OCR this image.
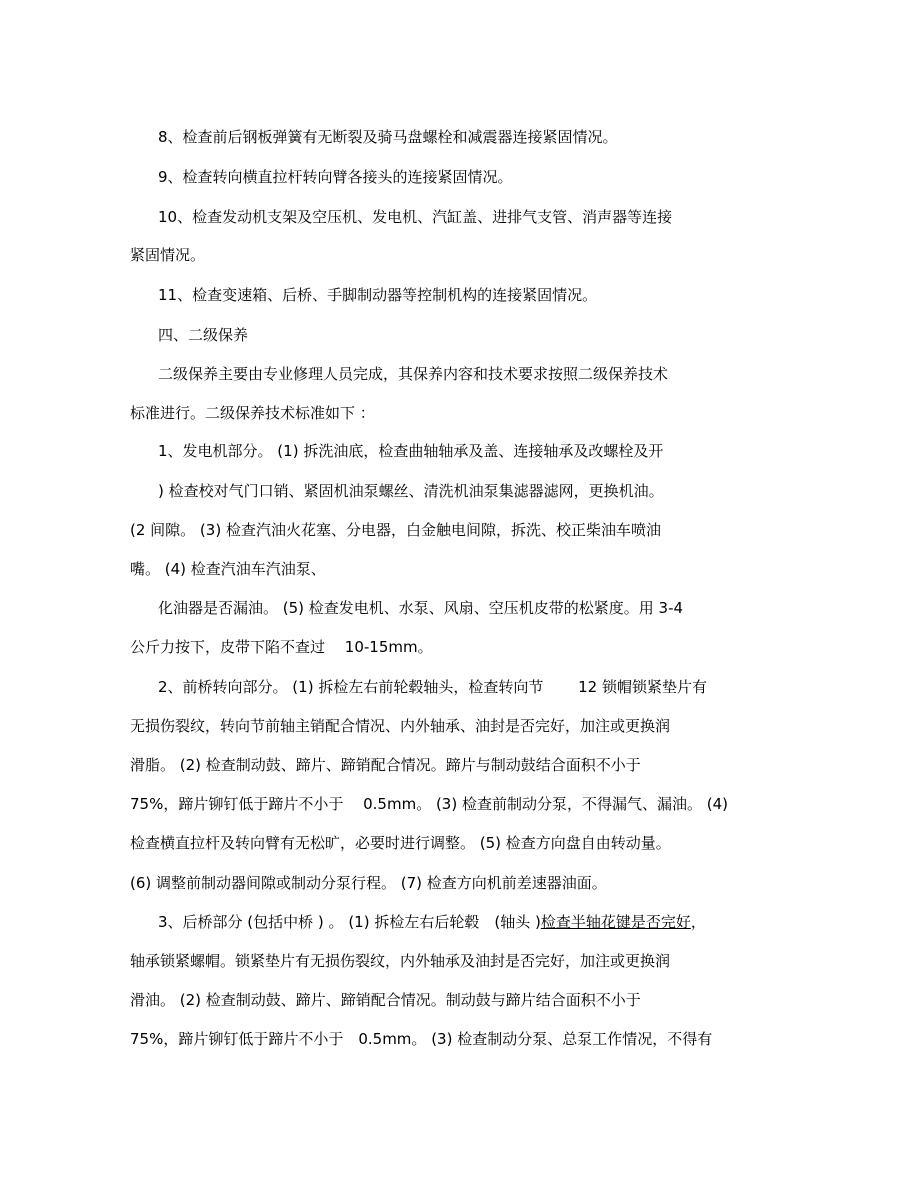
8、检查前后钢板弹簧有无断裂及骑马盘螺栓和减震器连接紧固情况。
9、检查转向横直拉杆转向臂各接头的连接紧固情况。
10、检查发动机支架及空压机、发电机、汽缸盖、进排气支管、消声器等连接
紧固情况。
11、检查变速箱、后桥、手脚制动器等控制机构的连接紧固情况。
四、二级保养
二级保养主要由专业修理人员完成，其保养内容和技术要求按照二级保养技术
标准进行。二级保养技术标准如下 ：
1、发电机部分。 (1) 拆洗油底，检查曲轴轴承及盖、连接轴承及改螺栓及开
) 检查校对气门口销、紧固机油泵螺丝、清洗机油泵集滤器滤网，更换机油。
(2 间隙。 (3) 检查汽油火花塞、分电器，白金触电间隙，拆洗、校正柴油车喷油
嘴。 (4) 检查汽油车汽油泵、
化油器是否漏油。 (5) 检查发电机、水泵、风扇、空压机皮带的松紧度。用 3-4
公斤力按下，皮带下陷不查过　 10-15mm。
2、前桥转向部分。 (1) 拆检左右前轮毂轴头，检查转向节　　 12 锁帽锁紧垫片有
无损伤裂纹，转向节前轴主销配合情况、内外轴承、油封是否完好，加注或更换润
滑脂。 (2) 检查制动鼓、蹄片、蹄销配合情况。蹄片与制动鼓结合面积不小于
75%，蹄片铆钉低于蹄片不小于　 0.5mm。 (3) 检查前制动分泵，不得漏气、漏油。 (4)
检查横直拉杆及转向臂有无松旷，必要时进行调整。 (5) 检查方向盘自由转动量。
(6) 调整前制动器间隙或制动分泵行程。 (7) 检查方向机前差速器油面。
3、后桥部分 (包括中桥 ) 。 (1) 拆检左右后轮毂　(轴头 )检查半轴花键是否完好，
轴承锁紧螺帽。锁紧垫片有无损伤裂纹，内外轴承及油封是否完好，加注或更换润
滑油。 (2) 检查制动鼓、蹄片、蹄销配合情况。制动鼓与蹄片结合面积不小于
75%，蹄片铆钉低于蹄片不小于　0.5mm。 (3) 检查制动分泵、总泵工作情况，不得有
